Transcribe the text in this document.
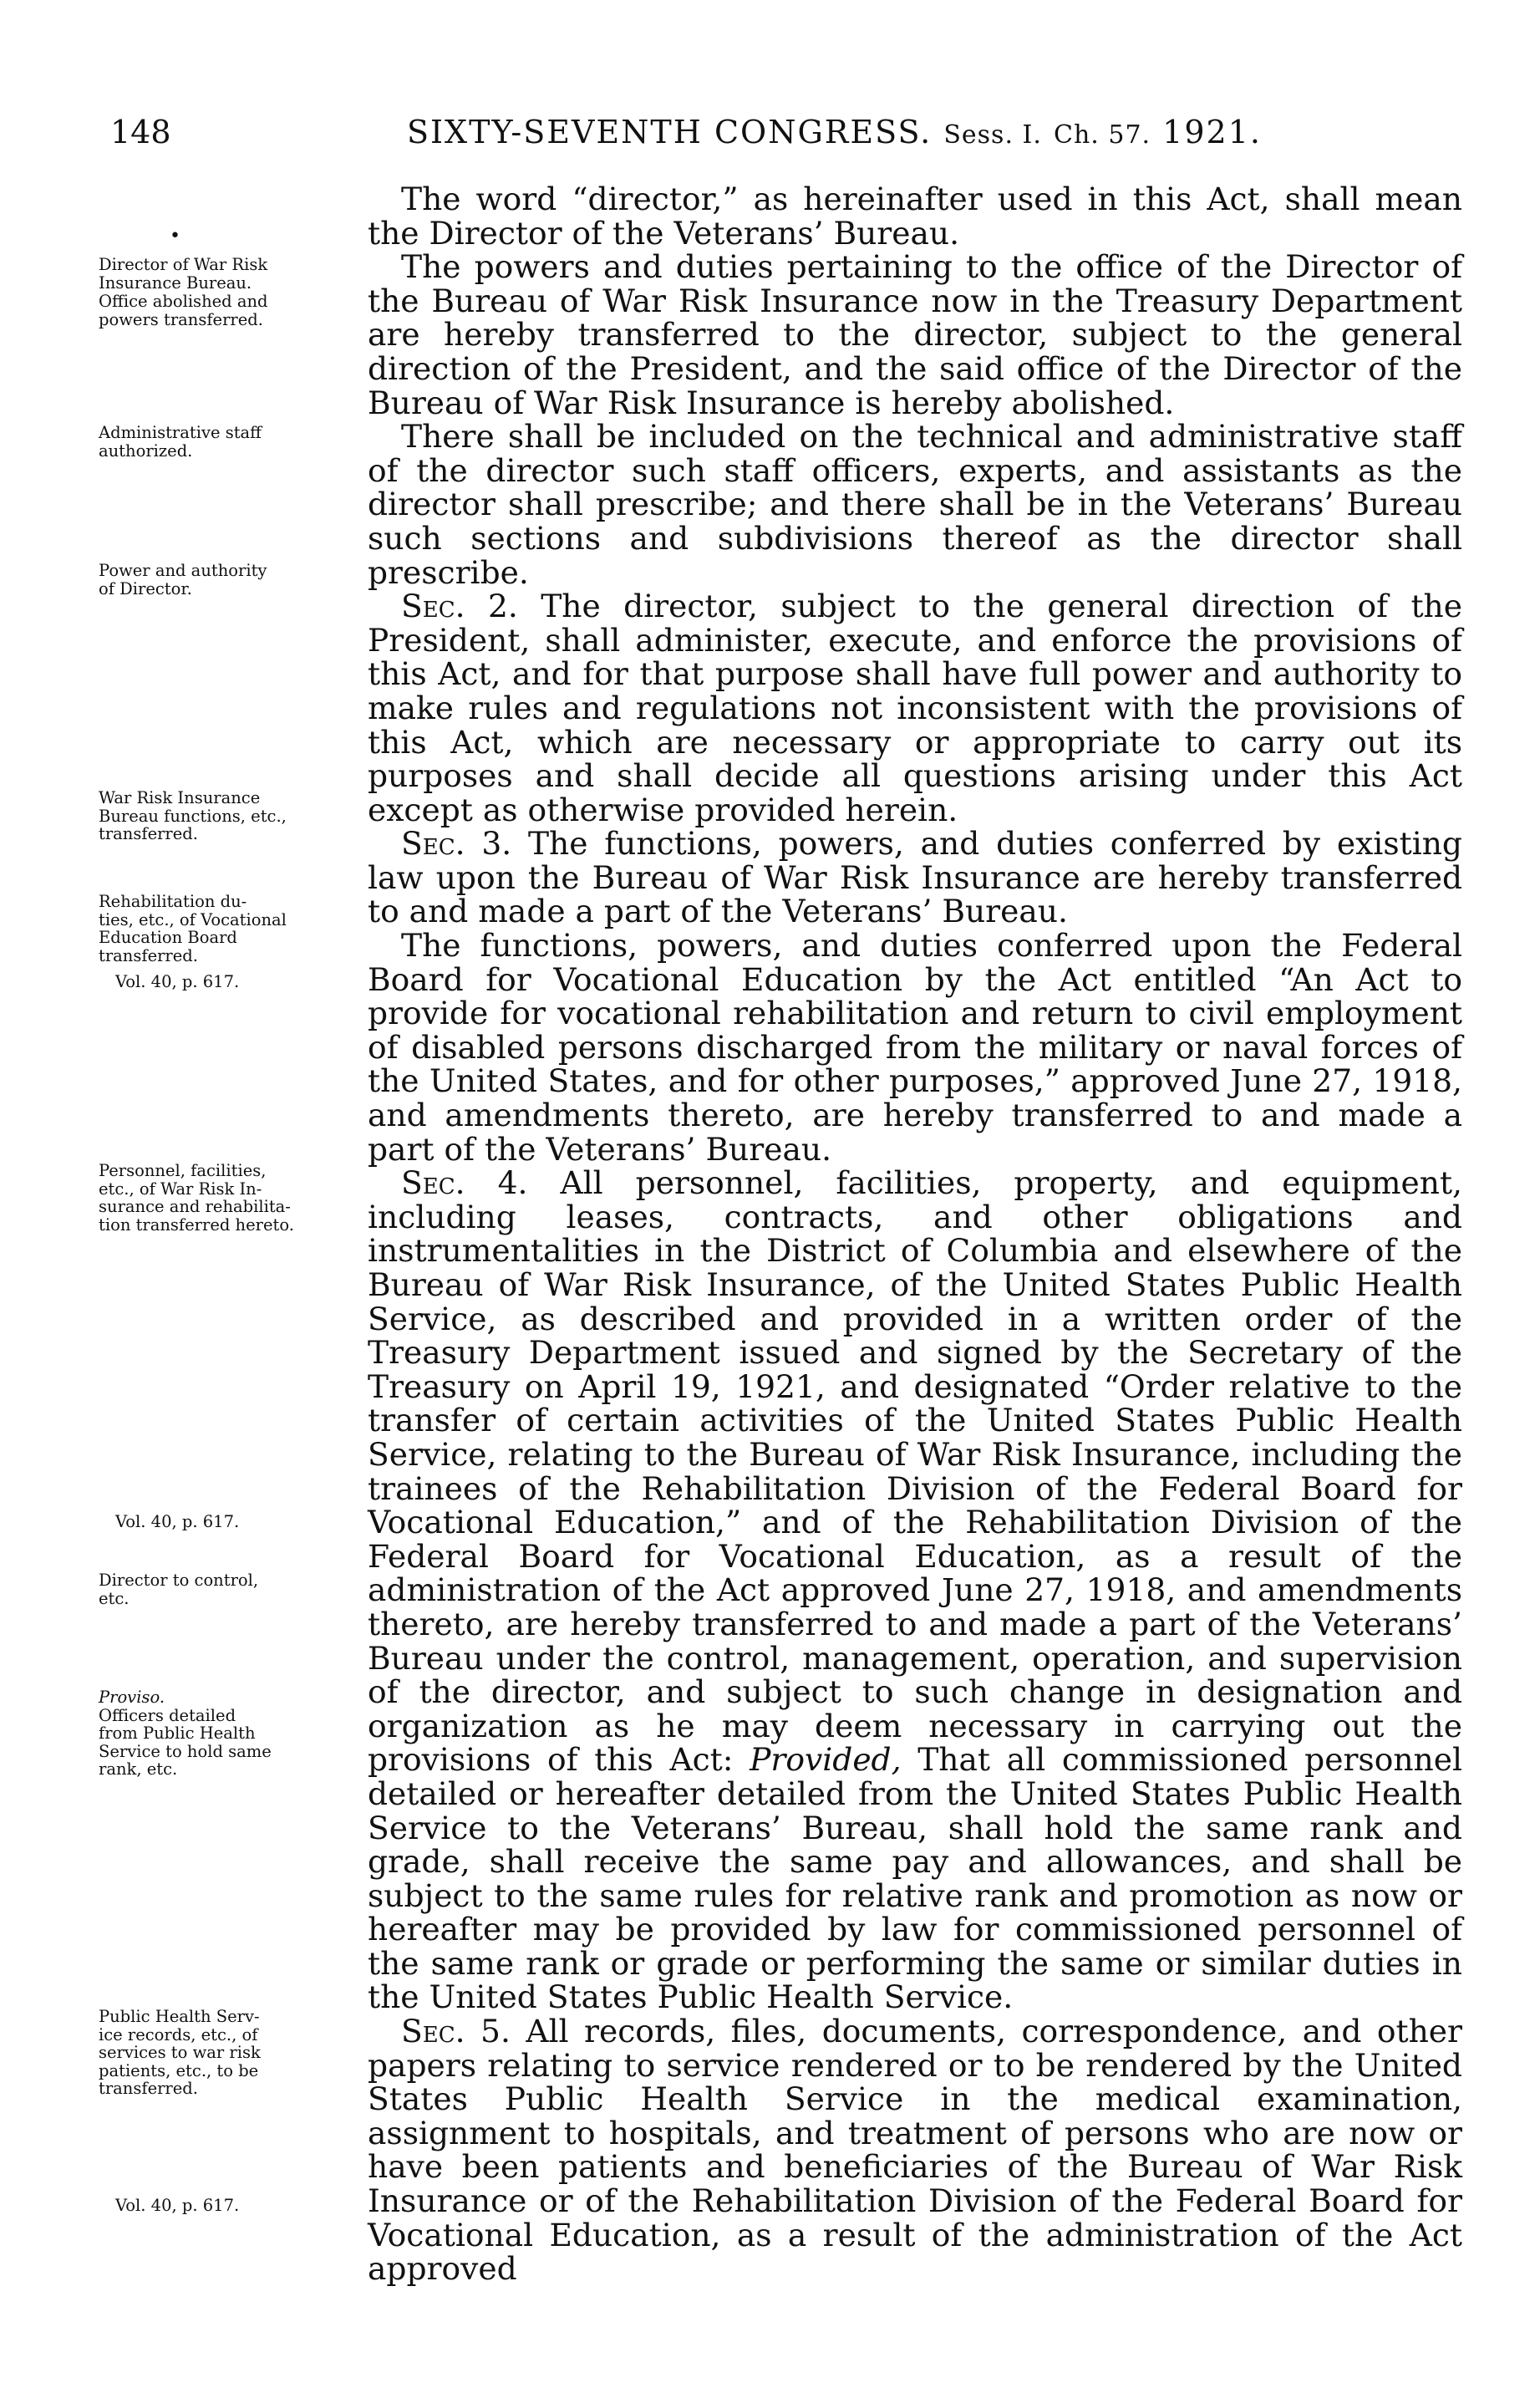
148	SIXTY-SEVENTH CONGRESS. Sess. I. Ch. 57. 1921.
•

Director of War Risk
Insurance Bureau.

Office abolished and
powers transferred.

Administrative staff
authorized.

Power and authority
of Director.

War Risk Insurance
Bureau functions, etc.,
transferred.

Rehabilitation du-
ties, etc., of Vocational
Education Board
transferred.

Vol. 40, p. 617.

Personnel, facilities,
etc., of War Risk In-
surance and rehabilita-
tion transferred hereto.

Vol. 40, p. 617.

Director to control,
etc.

Proviso.
Officers detailed
from Public Health
Service to hold same
rank, etc.

Public Health Serv-
ice records, etc., of
services to war risk
patients, etc., to be
transferred.

Vol. 40, p. 617.

The word “director,” as hereinafter used in this Act, shall mean the Director of the Veterans’ Bureau.

The powers and duties pertaining to the office of the Director of the Bureau of War Risk Insurance now in the Treasury Department are hereby transferred to the director, subject to the general direction of the President, and the said office of the Director of the Bureau of War Risk Insurance is hereby abolished.

There shall be included on the technical and administrative staff of the director such staff officers, experts, and assistants as the director shall prescribe; and there shall be in the Veterans’ Bureau such sections and subdivisions thereof as the director shall prescribe.

Sec. 2. The director, subject to the general direction of the President, shall administer, execute, and enforce the provisions of this Act, and for that purpose shall have full power and authority to make rules and regulations not inconsistent with the provisions of this Act, which are necessary or appropriate to carry out its purposes and shall decide all questions arising under this Act except as otherwise provided herein.

Sec. 3. The functions, powers, and duties conferred by existing law upon the Bureau of War Risk Insurance are hereby transferred to and made a part of the Veterans’ Bureau.

The functions, powers, and duties conferred upon the Federal Board for Vocational Education by the Act entitled “An Act to provide for vocational rehabilitation and return to civil employment of disabled persons discharged from the military or naval forces of the United States, and for other purposes,” approved June 27, 1918, and amendments thereto, are hereby transferred to and made a part of the Veterans’ Bureau.

Sec. 4. All personnel, facilities, property, and equipment, including leases, contracts, and other obligations and instrumentalities in the District of Columbia and elsewhere of the Bureau of War Risk Insurance, of the United States Public Health Service, as described and provided in a written order of the Treasury Department issued and signed by the Secretary of the Treasury on April 19, 1921, and designated “Order relative to the transfer of certain activities of the United States Public Health Service, relating to the Bureau of War Risk Insurance, including the trainees of the Rehabilitation Division of the Federal Board for Vocational Education,” and of the Rehabilitation Division of the Federal Board for Vocational Education, as a result of the administration of the Act approved June 27, 1918, and amendments thereto, are hereby transferred to and made a part of the Veterans’ Bureau under the control, management, operation, and supervision of the director, and subject to such change in designation and organization as he may deem necessary in carrying out the provisions of this Act: Provided, That all commissioned personnel detailed or hereafter detailed from the United States Public Health Service to the Veterans’ Bureau, shall hold the same rank and grade, shall receive the same pay and allowances, and shall be subject to the same rules for relative rank and promotion as now or hereafter may be provided by law for commissioned personnel of the same rank or grade or performing the same or similar duties in the United States Public Health Service.

Sec. 5. All records, files, documents, correspondence, and other papers relating to service rendered or to be rendered by the United States Public Health Service in the medical examination, assignment to hospitals, and treatment of persons who are now or have been patients and beneficiaries of the Bureau of War Risk Insurance or of the Rehabilitation Division of the Federal Board for Vocational Education, as a result of the administration of the Act approved
